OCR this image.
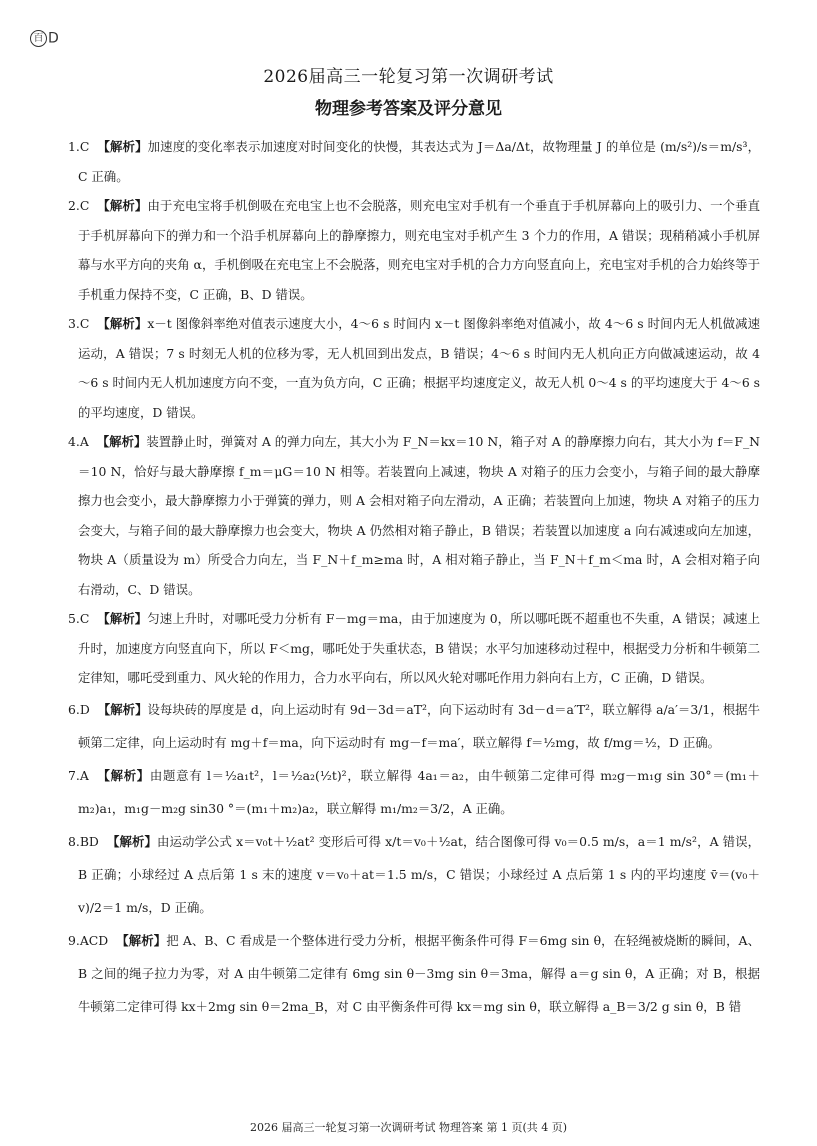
百 D
2026届高三一轮复习第一次调研考试
物理参考答案及评分意见
1.C 【解析】加速度的变化率表示加速度对时间变化的快慢，其表达式为 J＝Δa/Δt，故物理量 J 的单位是 (m/s²)/s＝m/s³，C 正确。
2.C 【解析】由于充电宝将手机倒吸在充电宝上也不会脱落，则充电宝对手机有一个垂直于手机屏幕向上的吸引力、一个垂直于手机屏幕向下的弹力和一个沿手机屏幕向上的静摩擦力，则充电宝对手机产生 3 个力的作用，A 错误；现稍稍减小手机屏幕与水平方向的夹角 α，手机倒吸在充电宝上不会脱落，则充电宝对手机的合力方向竖直向上，充电宝对手机的合力始终等于手机重力保持不变，C 正确，B、D 错误。
3.C 【解析】x－t 图像斜率绝对值表示速度大小，4～6 s 时间内 x－t 图像斜率绝对值减小，故 4～6 s 时间内无人机做减速运动，A 错误；7 s 时刻无人机的位移为零，无人机回到出发点，B 错误；4～6 s 时间内无人机向正方向做减速运动，故 4～6 s 时间内无人机加速度方向不变，一直为负方向，C 正确；根据平均速度定义，故无人机 0～4 s 的平均速度大于 4～6 s 的平均速度，D 错误。
4.A 【解析】装置静止时，弹簧对 A 的弹力向左，其大小为 F_N＝kx＝10 N，箱子对 A 的静摩擦力向右，其大小为 f＝F_N＝10 N，恰好与最大静摩擦 f_m＝μG＝10 N 相等。若装置向上减速，物块 A 对箱子的压力会变小，与箱子间的最大静摩擦力也会变小，最大静摩擦力小于弹簧的弹力，则 A 会相对箱子向左滑动，A 正确；若装置向上加速，物块 A 对箱子的压力会变大，与箱子间的最大静摩擦力也会变大，物块 A 仍然相对箱子静止，B 错误；若装置以加速度 a 向右减速或向左加速，物块 A（质量设为 m）所受合力向左，当 F_N＋f_m≥ma 时，A 相对箱子静止，当 F_N＋f_m＜ma 时，A 会相对箱子向右滑动，C、D 错误。
5.C 【解析】匀速上升时，对哪吒受力分析有 F－mg＝ma，由于加速度为 0，所以哪吒既不超重也不失重，A 错误；减速上升时，加速度方向竖直向下，所以 F＜mg，哪吒处于失重状态，B 错误；水平匀加速移动过程中，根据受力分析和牛顿第二定律知，哪吒受到重力、风火轮的作用力，合力水平向右，所以风火轮对哪吒作用力斜向右上方，C 正确，D 错误。
6.D 【解析】设每块砖的厚度是 d，向上运动时有 9d－3d＝aT²，向下运动时有 3d－d＝a′T²，联立解得 a/a′＝3/1，根据牛顿第二定律，向上运动时有 mg＋f＝ma，向下运动时有 mg－f＝ma′，联立解得 f＝½mg，故 f/mg＝½，D 正确。
7.A 【解析】由题意有 l＝½a₁t²，l＝½a₂(½t)²，联立解得 4a₁＝a₂，由牛顿第二定律可得 m₂g－m₁g sin 30°＝(m₁＋m₂)a₁，m₁g－m₂g sin30 °＝(m₁＋m₂)a₂，联立解得 m₁/m₂＝3/2，A 正确。
8.BD 【解析】由运动学公式 x＝v₀t＋½at² 变形后可得 x/t＝v₀＋½at，结合图像可得 v₀＝0.5 m/s，a＝1 m/s²，A 错误，B 正确；小球经过 A 点后第 1 s 末的速度 v＝v₀＋at＝1.5 m/s，C 错误；小球经过 A 点后第 1 s 内的平均速度 v̄＝(v₀＋v)/2＝1 m/s，D 正确。
9.ACD 【解析】把 A、B、C 看成是一个整体进行受力分析，根据平衡条件可得 F＝6mg sin θ，在轻绳被烧断的瞬间，A、B 之间的绳子拉力为零，对 A 由牛顿第二定律有 6mg sin θ－3mg sin θ＝3ma，解得 a＝g sin θ，A 正确；对 B，根据牛顿第二定律可得 kx＋2mg sin θ＝2ma_B，对 C 由平衡条件可得 kx＝mg sin θ，联立解得 a_B＝3/2 g sin θ，B 错
2026 届高三一轮复习第一次调研考试 物理答案 第 1 页(共 4 页)
